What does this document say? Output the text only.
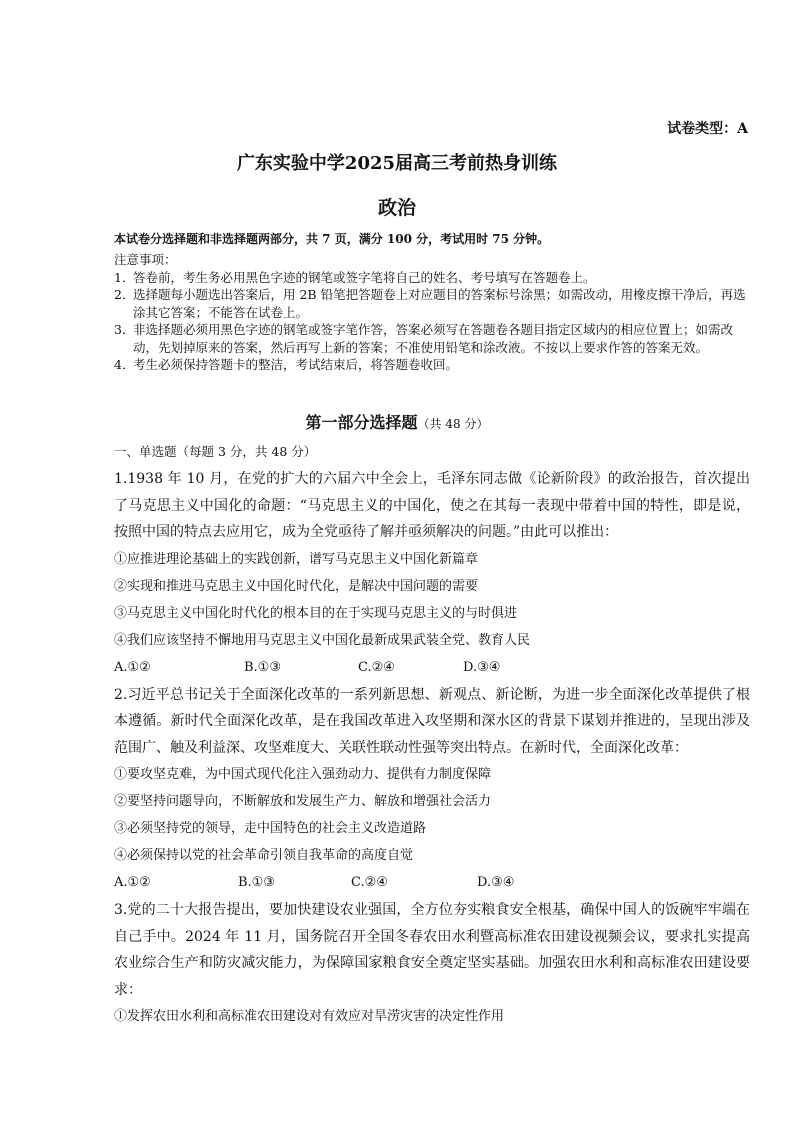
试卷类型：A
广东实验中学2025届高三考前热身训练
政治
本试卷分选择题和非选择题两部分，共 7 页，满分 100 分，考试用时 75 分钟。

注意事项：

1．
答卷前，考生务必用黑色字迹的钢笔或签字笔将自己的姓名、考号填写在答题卷上。

2．
选择题每小题选出答案后，用 2B 铅笔把答题卷上对应题目的答案标号涂黑；如需改动，用橡皮擦干净后，再选涂其它答案；不能答在试卷上。

3．
非选择题必须用黑色字迹的钢笔或签字笔作答，答案必须写在答题卷各题目指定区域内的相应位置上；如需改动，先划掉原来的答案，然后再写上新的答案；不准使用铅笔和涂改液。不按以上要求作答的答案无效。

4．
考生必须保持答题卡的整洁，考试结束后，将答题卷收回。

第一部分选择题（共 48 分）
一、单选题（每题 3 分，共 48 分）

1.1938 年 10 月，在党的扩大的六届六中全会上，毛泽东同志做《论新阶段》的政治报告，首次提出了马克思主义中国化的命题：“马克思主义的中国化，使之在其每一表现中带着中国的特性，即是说，按照中国的特点去应用它，成为全党亟待了解并亟须解决的问题。”由此可以推出：

①应推进理论基础上的实践创新，谱写马克思主义中国化新篇章

②实现和推进马克思主义中国化时代化，是解决中国问题的需要

③马克思主义中国化时代化的根本目的在于实现马克思主义的与时俱进

④我们应该坚持不懈地用马克思主义中国化最新成果武装全党、教育人民

A.①②	B.①③	C.②④	D.③④

2.习近平总书记关于全面深化改革的一系列新思想、新观点、新论断，为进一步全面深化改革提供了根本遵循。新时代全面深化改革，是在我国改革进入攻坚期和深水区的背景下谋划并推进的，呈现出涉及范围广、触及利益深、攻坚难度大、关联性联动性强等突出特点。在新时代，全面深化改革：

①要攻坚克难，为中国式现代化注入强劲动力、提供有力制度保障

②要坚持问题导向，不断解放和发展生产力、解放和增强社会活力

③必须坚持党的领导，走中国特色的社会主义改造道路

④必须保持以党的社会革命引领自我革命的高度自觉

A.①②	B.①③	C.②④	D.③④

3.党的二十大报告提出，要加快建设农业强国，全方位夯实粮食安全根基，确保中国人的饭碗牢牢端在自己手中。2024 年 11 月，国务院召开全国冬春农田水利暨高标准农田建设视频会议，要求扎实提高农业综合生产和防灾减灾能力，为保障国家粮食安全奠定坚实基础。加强农田水利和高标准农田建设要求：

①发挥农田水利和高标准农田建设对有效应对旱涝灾害的决定性作用
